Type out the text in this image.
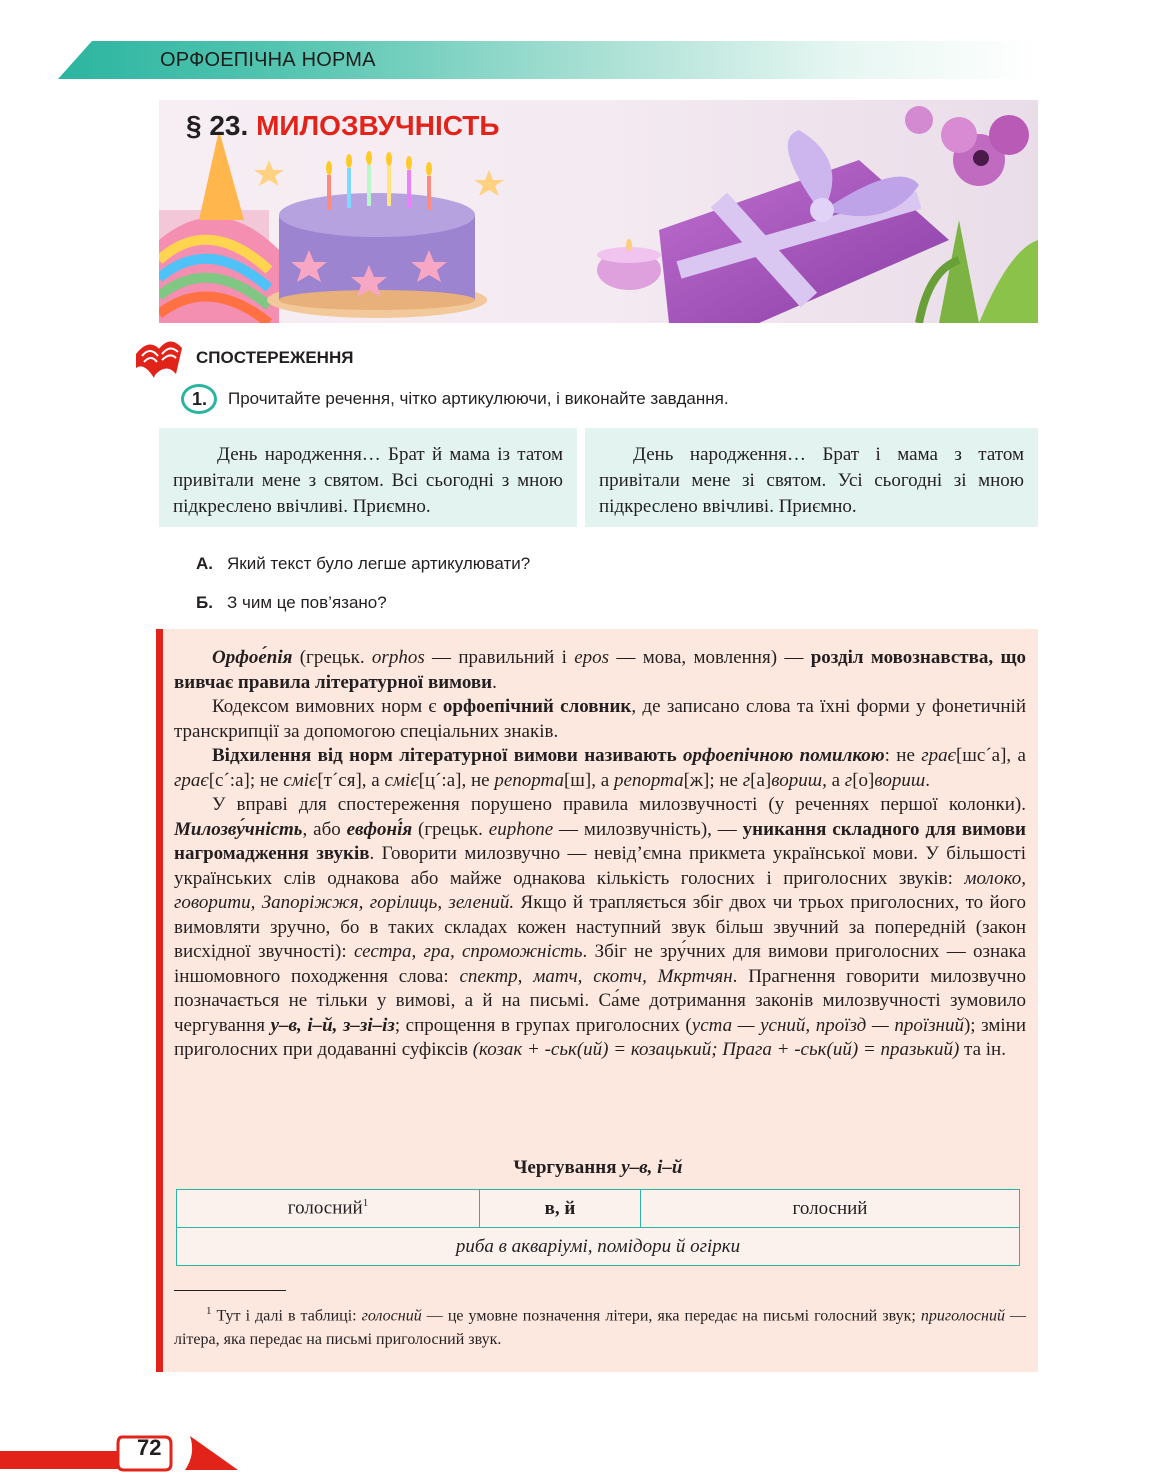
ОРФОЕПІЧНА НОРМА
§ 23. МИЛОЗВУЧНІСТЬ
СПОСТЕРЕЖЕННЯ
1. Прочитайте речення, чітко артикулюючи, і виконайте завдання.
День народження… Брат й мама із татом привітали мене з святом. Всі сьогодні з мною підкреслено ввічливі. Приємно.
День народження… Брат і мама з татом привітали мене зі святом. Усі сьогодні зі мною підкреслено ввічливі. Приємно.
А. Який текст було легше артикулювати?
Б. З чим це пов’язано?

Орфое́пія (грецьк. orphos — правильний і epos — мова, мовлення) — розділ мовознавства, що вивчає правила літературної вимови.

Кодексом вимовних норм є орфоепічний словник, де записано слова та їхні форми у фонетичній транскрипції за допомогою спеціальних знаків.

Відхилення від норм літературної вимови називають орфоепічною помилкою: не грає[шс´а], а грає[с´:а]; не сміє[т´ся], а сміє[ц´:а], не репорта[ш], а репорта[ж]; не г[а]вориш, а г[о]вориш.

У вправі для спостереження порушено правила милозвучності (у реченнях першої колонки). Милозву́чність, або евфоні́я (грецьк. euphone — милозвучність), — уникання складного для вимови нагромадження звуків. Говорити милозвучно — невід’ємна прикмета української мови. У більшості українських слів однакова або майже однакова кількість голосних і приголосних звуків: молоко, говорити, Запоріжжя, горілиць, зелений. Якщо й трапляється збіг двох чи трьох приголосних, то його вимовляти зручно, бо в таких складах кожен наступний звук більш звучний за попередній (закон висхідної звучності): сестра, гра, спроможність. Збіг не зру́чних для вимови приголосних — ознака іншомовного походження слова: спектр, матч, скотч, Мкртчян. Прагнення говорити милозвучно позначається не тільки у вимові, а й на письмі. Са́ме дотримання законів милозвучності зумовило чергування у–в, і–й, з–зі–із; спрощення в групах приголосних (уста — усний, проїзд — проїзний); зміни приголосних при додаванні суфіксів (козак + -ськ(ий) = козацький; Прага + -ськ(ий) = празький) та ін.

Чергування у–в, і–й
голосний$^1$	в, й	голосний
риба в акваріумі, помідори й огірки
$^1$ Тут і далі в таблиці: голосний — це умовне позначення літери, яка передає на письмі голосний звук; приголосний — літера, яка передає на письмі приголосний звук.
72
